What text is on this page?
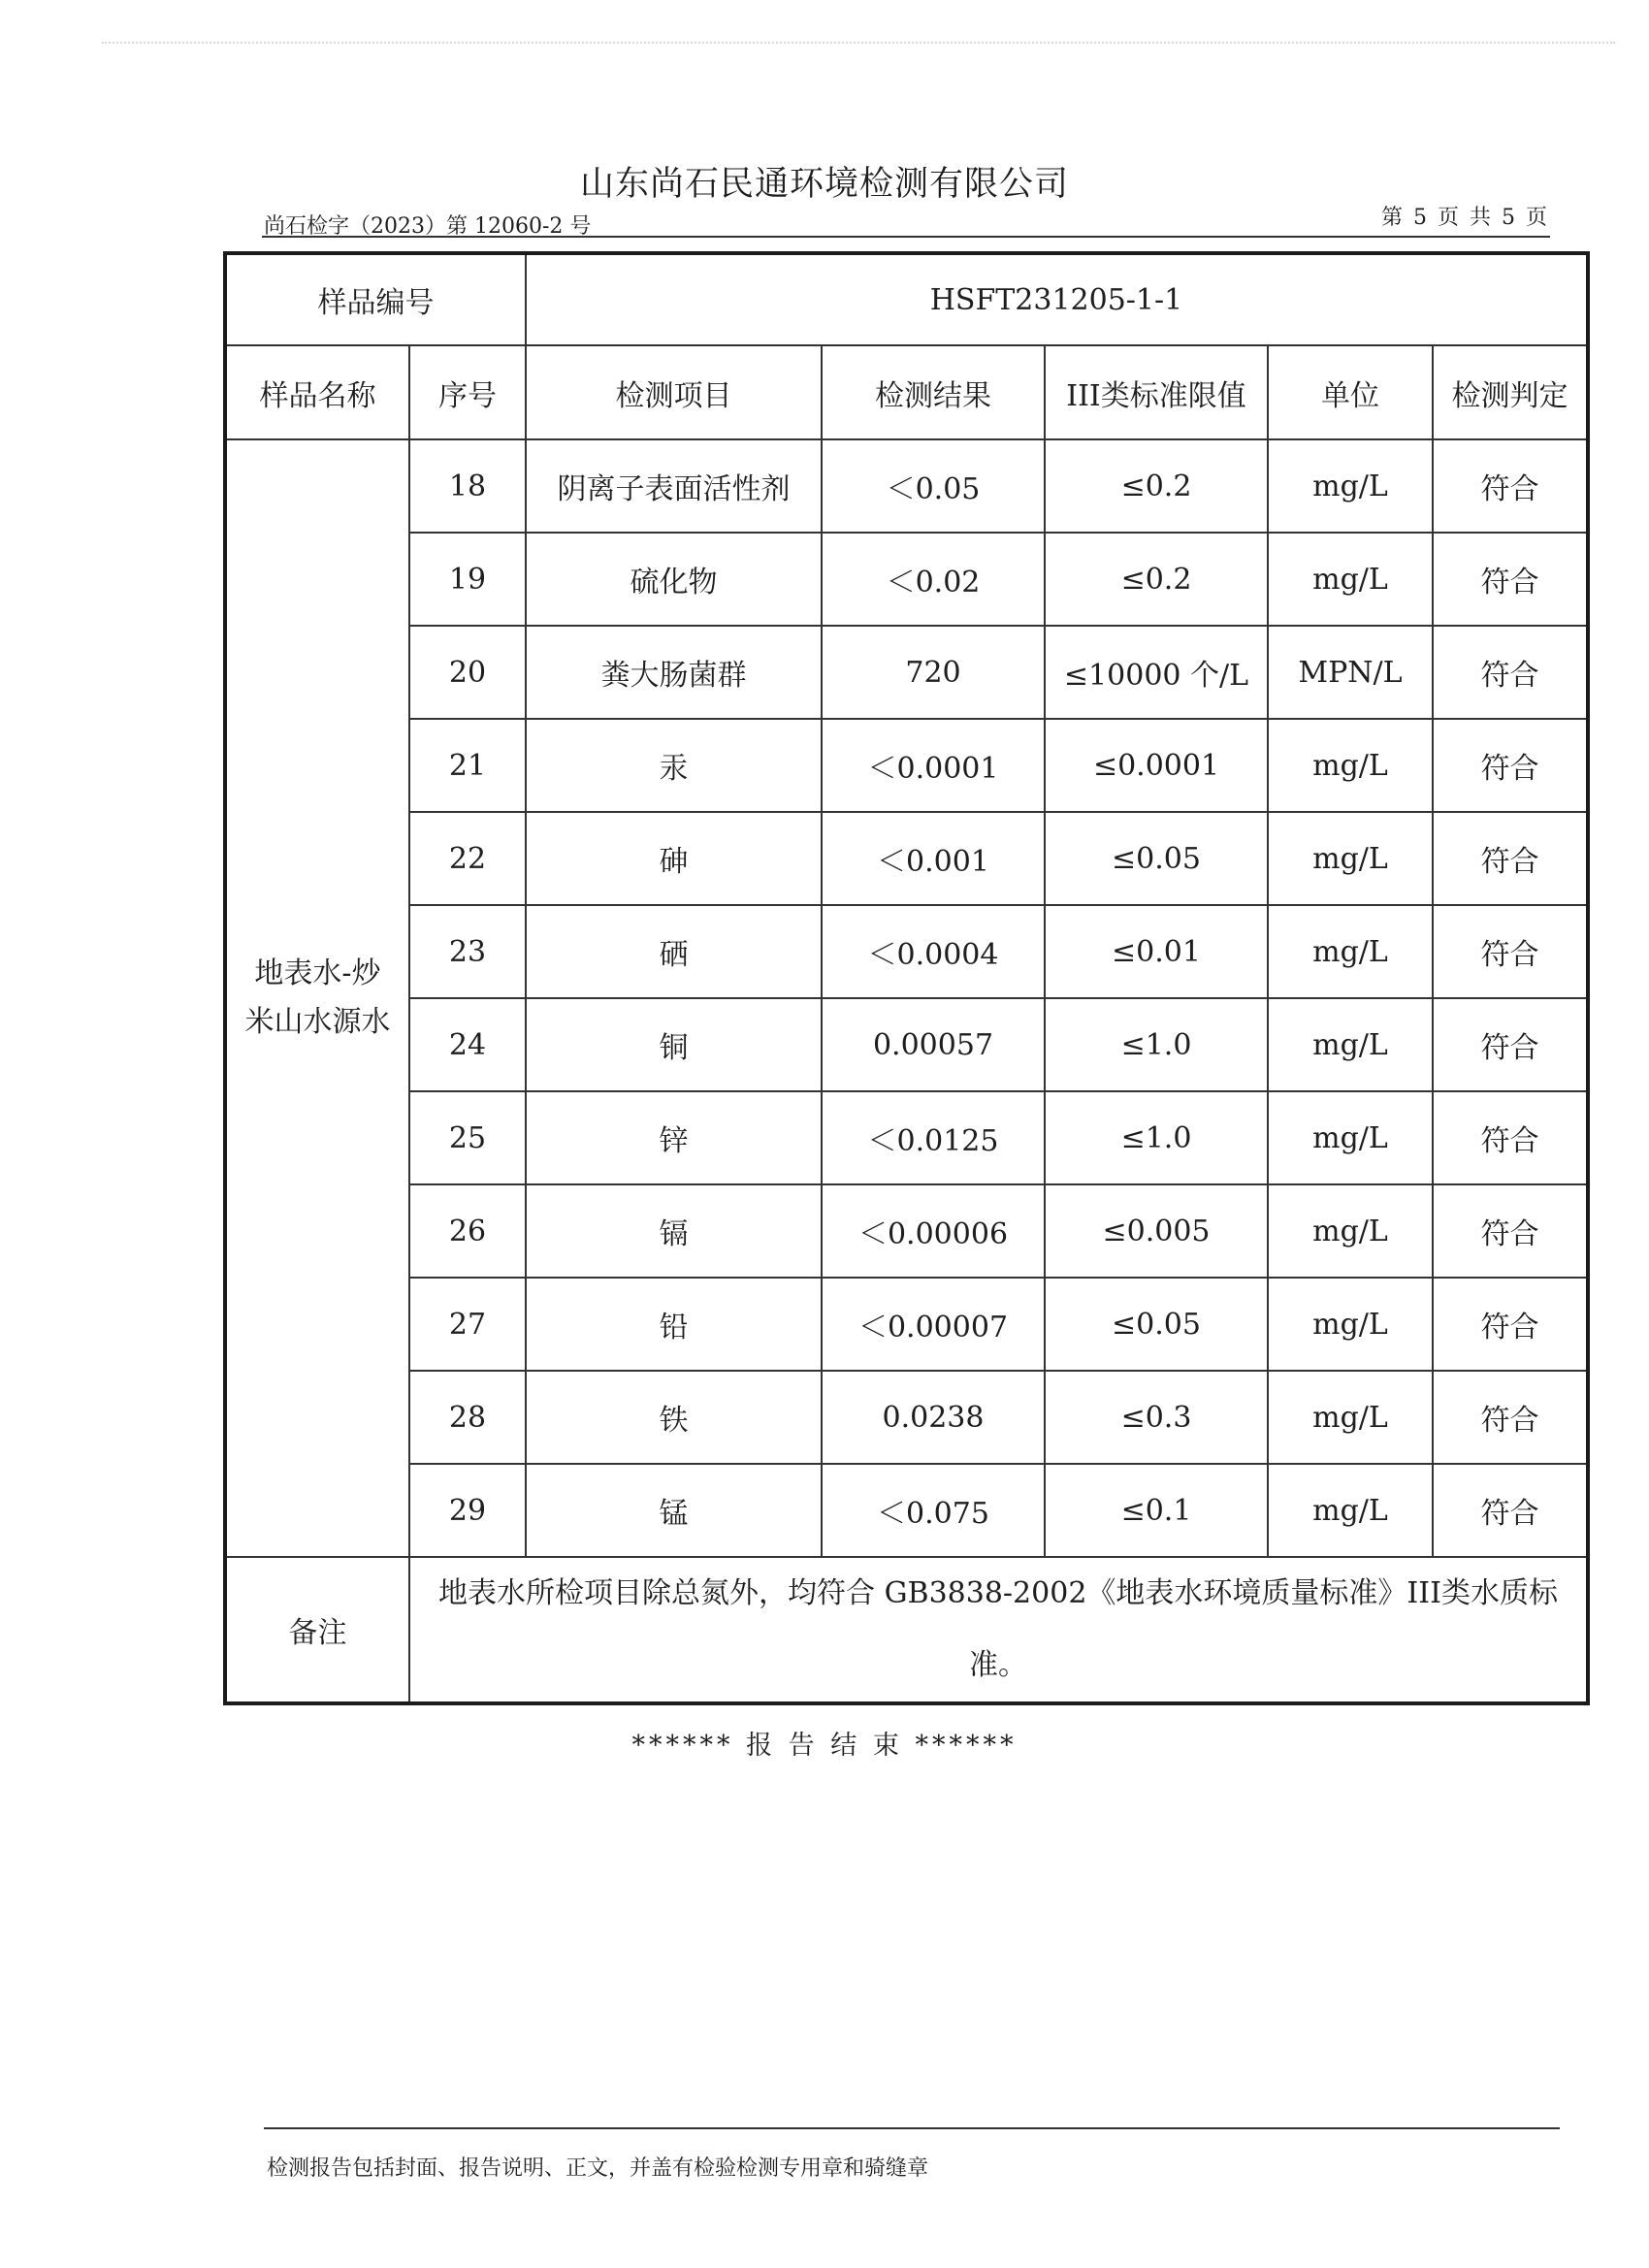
山东尚石民通环境检测有限公司
尚石检字（2023）第 12060-2 号	第 5 页 共 5 页
样品编号		HSFT231205-1-1				
样品名称	序号	检测项目	检测结果	III类标准限值	单位	检测判定
地表水-炒米山水源水	18	阴离子表面活性剂	＜0.05	≤0.2	mg/L	符合
	19	硫化物	＜0.02	≤0.2	mg/L	符合
	20	粪大肠菌群	720	≤10000 个/L	MPN/L	符合
	21	汞	＜0.0001	≤0.0001	mg/L	符合
	22	砷	＜0.001	≤0.05	mg/L	符合
	23	硒	＜0.0004	≤0.01	mg/L	符合
	24	铜	0.00057	≤1.0	mg/L	符合
	25	锌	＜0.0125	≤1.0	mg/L	符合
	26	镉	＜0.00006	≤0.005	mg/L	符合
	27	铅	＜0.00007	≤0.05	mg/L	符合
	28	铁	0.0238	≤0.3	mg/L	符合
	29	锰	＜0.075	≤0.1	mg/L	符合
备注	地表水所检项目除总氮外，均符合 GB3838-2002《地表水环境质量标准》III类水质标准。					
****** 报 告 结 束 ******
检测报告包括封面、报告说明、正文，并盖有检验检测专用章和骑缝章
